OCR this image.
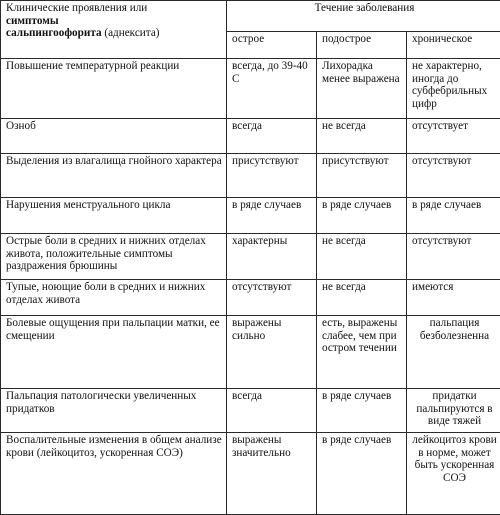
Клинические проявления или
симптомы
сальпингоофорита (аднексита)	Течение заболевания		
	острое	подострое	хроническое
Повышение температурной реакции	всегда, до 39-40 С	Лихорадка менее выражена	не характерно, иногда до субфебрильных цифр
Озноб	всегда	не всегда	отсутствует
Выделения из влагалища гнойного характера	присутствуют	присутствуют	отсутствуют
Нарушения менструального цикла	в ряде случаев	в ряде случаев	в ряде случаев
Острые боли в средних и нижних отделах живота, положительные симптомы раздражения брюшины	характерны	не всегда	отсутствуют
Тупые, ноющие боли в средних и нижних отделах живота	отсутствуют	не всегда	имеются
Болевые ощущения при пальпации матки, ее смещении	выражены сильно	есть, выражены слабее, чем при остром течении	пальпация безболезненна
Пальпация патологически увеличенных придатков	всегда	в ряде случаев	придатки пальпируются в виде тяжей
Воспалительные изменения в общем анализе крови (лейкоцитоз, ускоренная СОЭ)	выражены значительно	в ряде случаев	лейкоцитоз крови в норме, может быть ускоренная СОЭ
